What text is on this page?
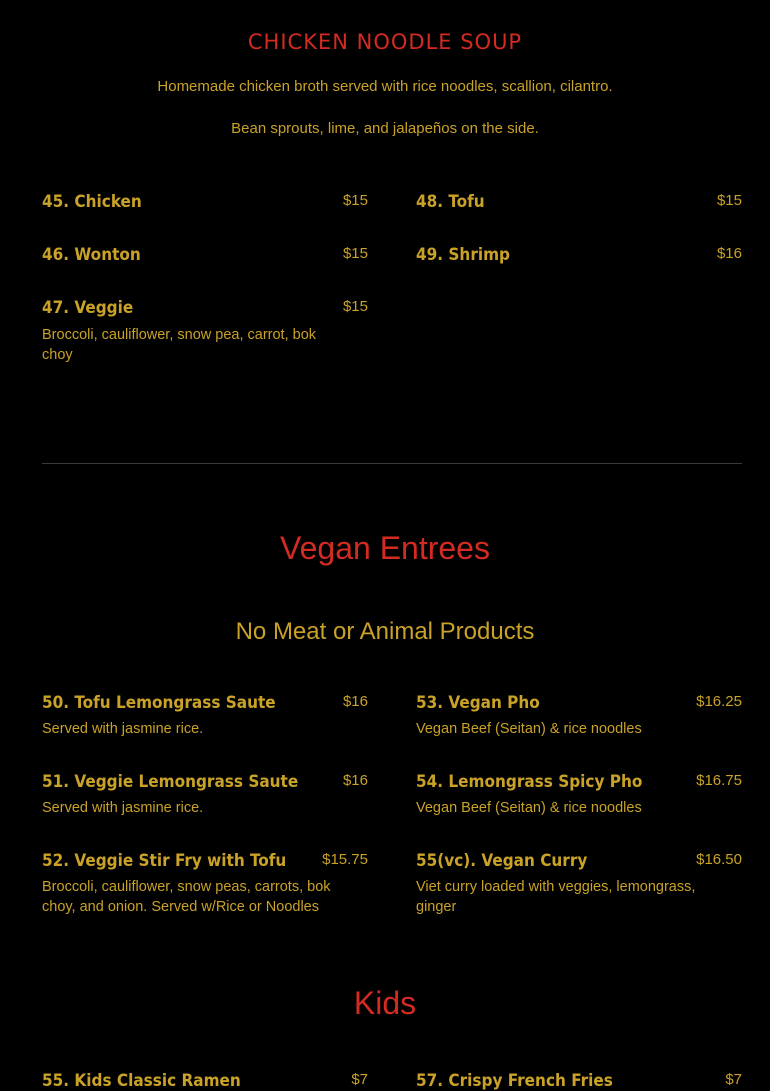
CHICKEN NOODLE SOUP
Homemade chicken broth served with rice noodles, scallion, cilantro.
Bean sprouts, lime, and jalapeños on the side.
45. Chicken	$15
46. Wonton	$15
47. Veggie	$15
Broccoli, cauliflower, snow pea, carrot, bok choy
48. Tofu	$15
49. Shrimp	$16
Vegan Entrees
No Meat or Animal Products
50. Tofu Lemongrass Saute	$16
Served with jasmine rice.
51. Veggie Lemongrass Saute	$16
Served with jasmine rice.
52. Veggie Stir Fry with Tofu	$15.75
Broccoli, cauliflower, snow peas, carrots, bok choy, and onion. Served w/Rice or Noodles
53. Vegan Pho	$16.25
Vegan Beef (Seitan) & rice noodles
54. Lemongrass Spicy Pho	$16.75
Vegan Beef (Seitan) & rice noodles
55(vc). Vegan Curry	$16.50
Viet curry loaded with veggies, lemongrass, ginger
Kids
55. Kids Classic Ramen	$7	57. Crispy French Fries	$7
